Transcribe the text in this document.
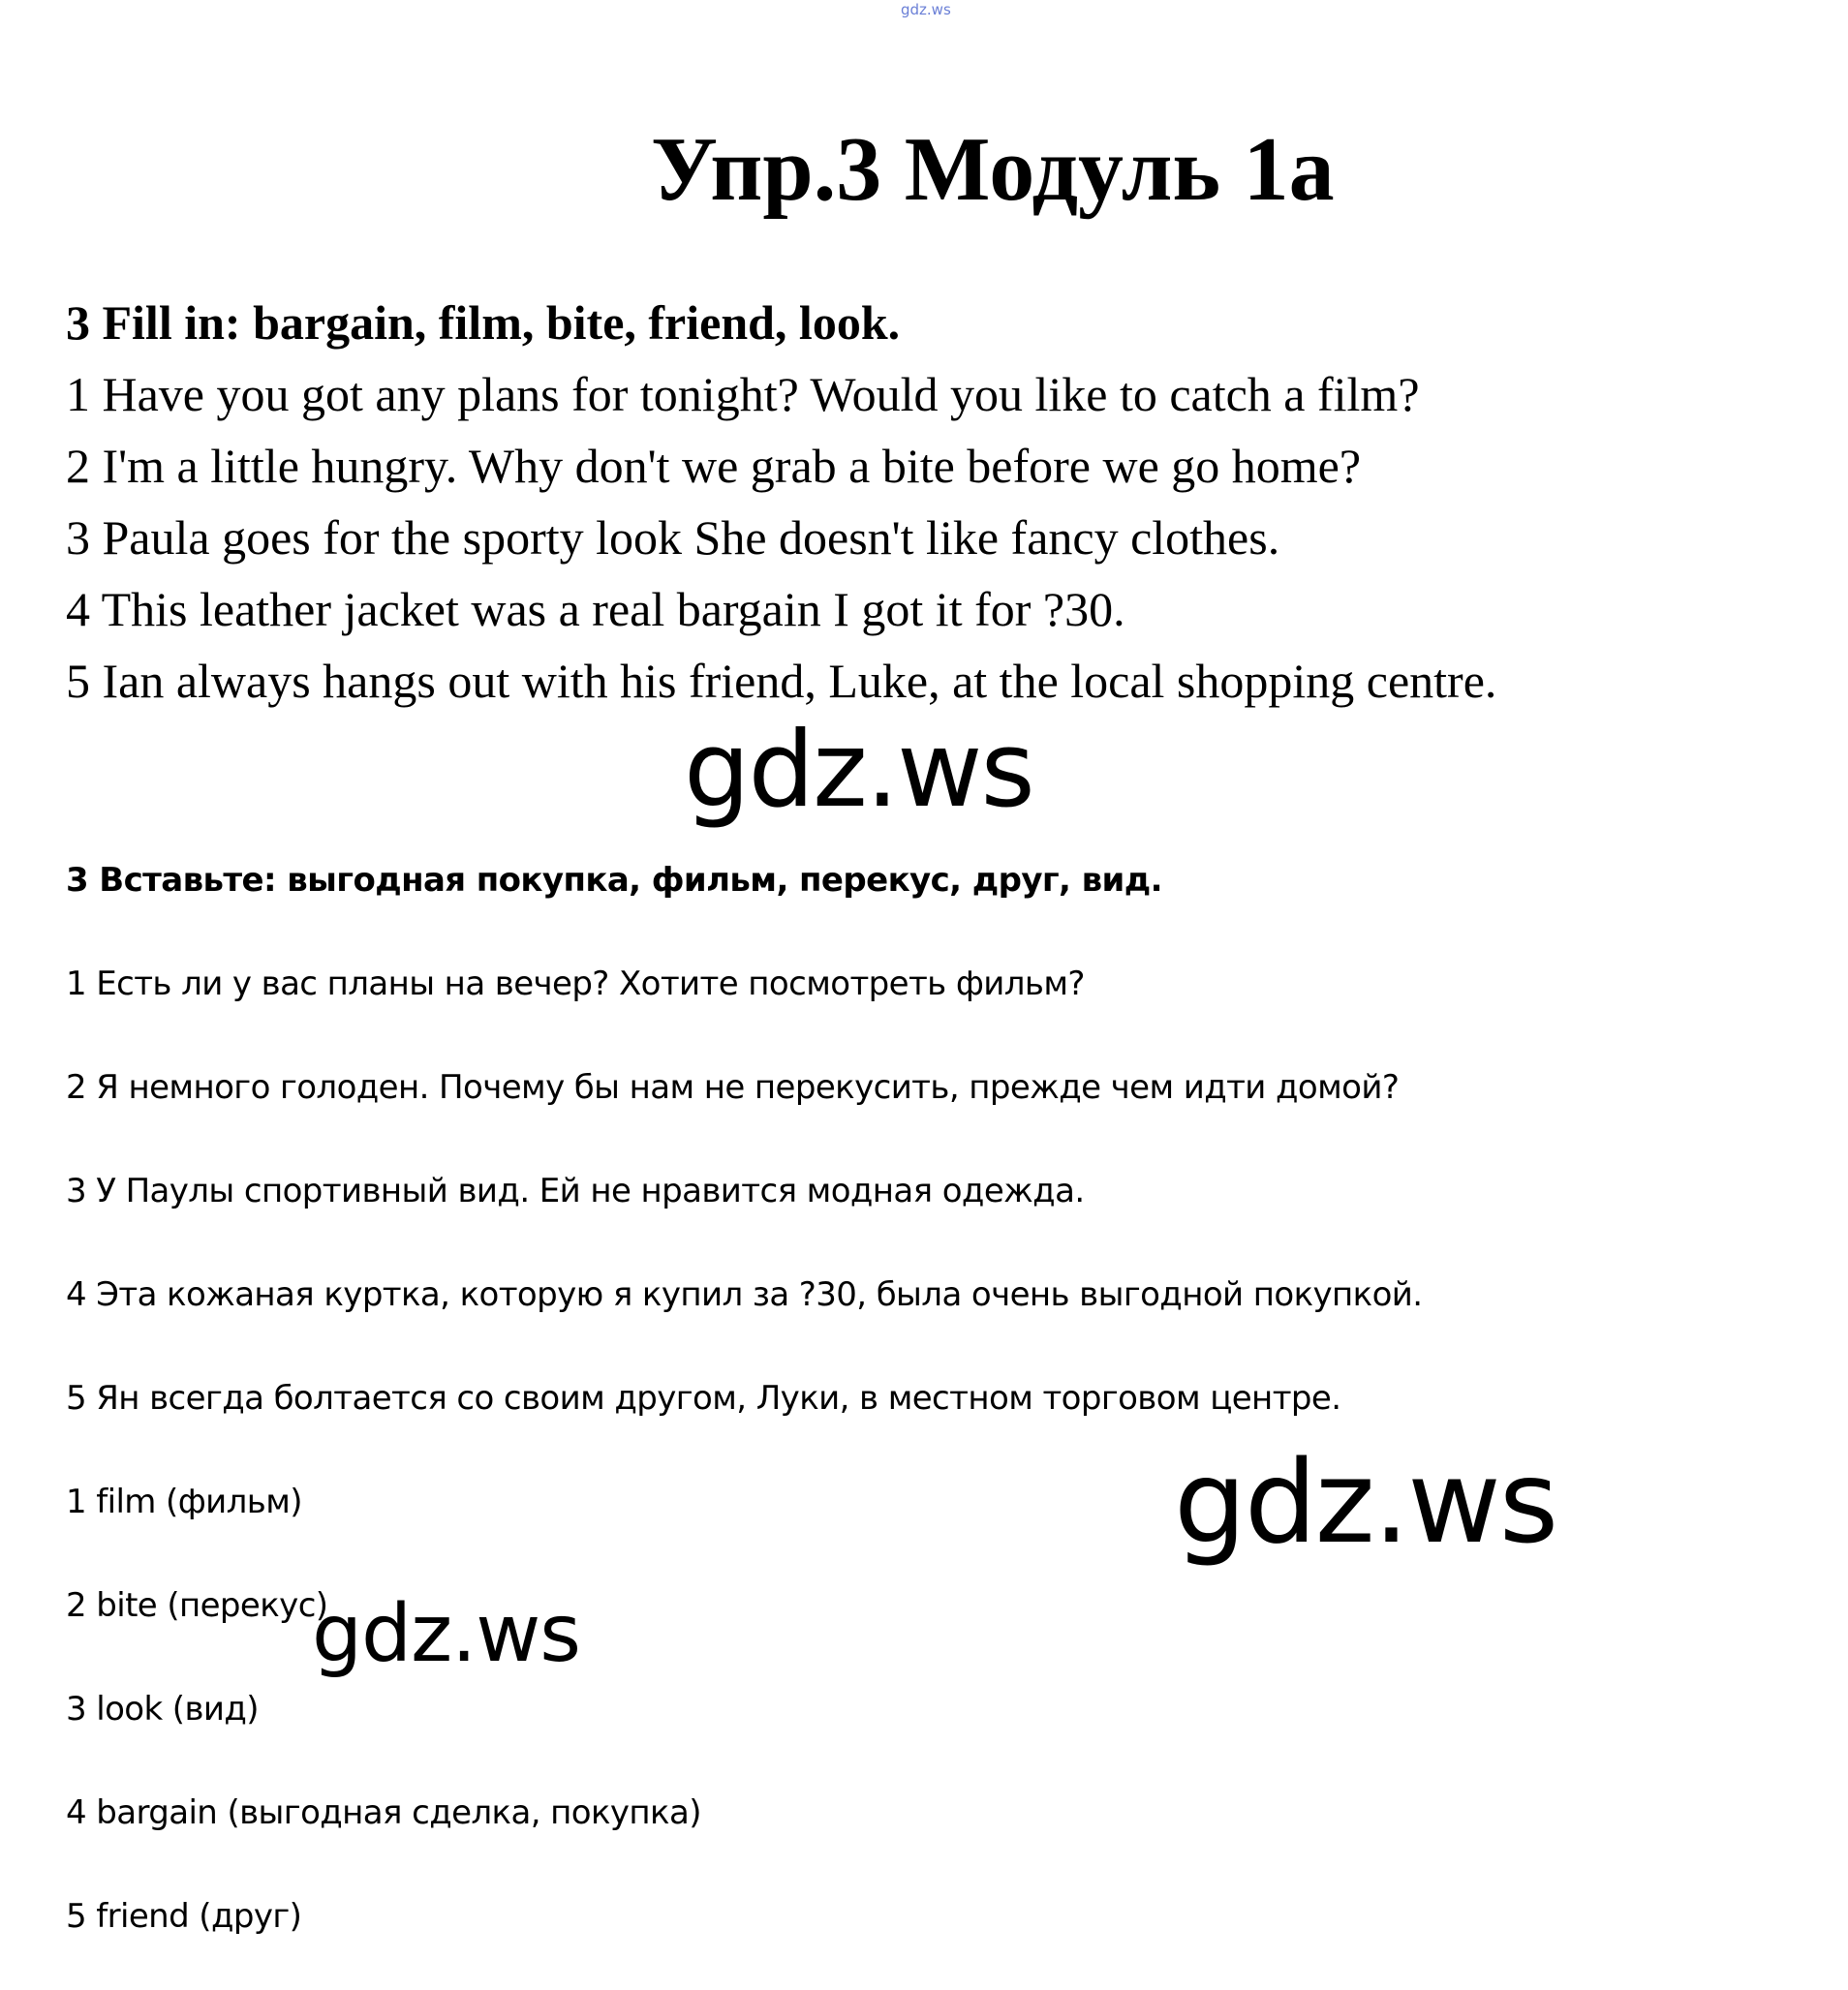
gdz.ws
Упр.3 Модуль 1a
3 Fill in: bargain, film, bite, friend, look.
1 Have you got any plans for tonight? Would you like to catch a film?
2 I'm a little hungry. Why don't we grab a bite before we go home?
3 Paula goes for the sporty look She doesn't like fancy clothes.
4 This leather jacket was a real bargain I got it for ?30.
5 Ian always hangs out with his friend, Luke, at the local shopping centre.
3 Вставьте: выгодная покупка, фильм, перекус, друг, вид.
1 Есть ли у вас планы на вечер? Хотите посмотреть фильм?
2 Я немного голоден. Почему бы нам не перекусить, прежде чем идти домой?
3 У Паулы спортивный вид. Ей не нравится модная одежда.
4 Эта кожаная куртка, которую я купил за ?30, была очень выгодной покупкой.
5 Ян всегда болтается со своим другом, Луки, в местном торговом центре.
1 film (фильм)
2 bite (перекус)
3 look (вид)
4 bargain (выгодная сделка, покупка)
5 friend (друг)
gdz.ws
gdz.ws
gdz.ws
